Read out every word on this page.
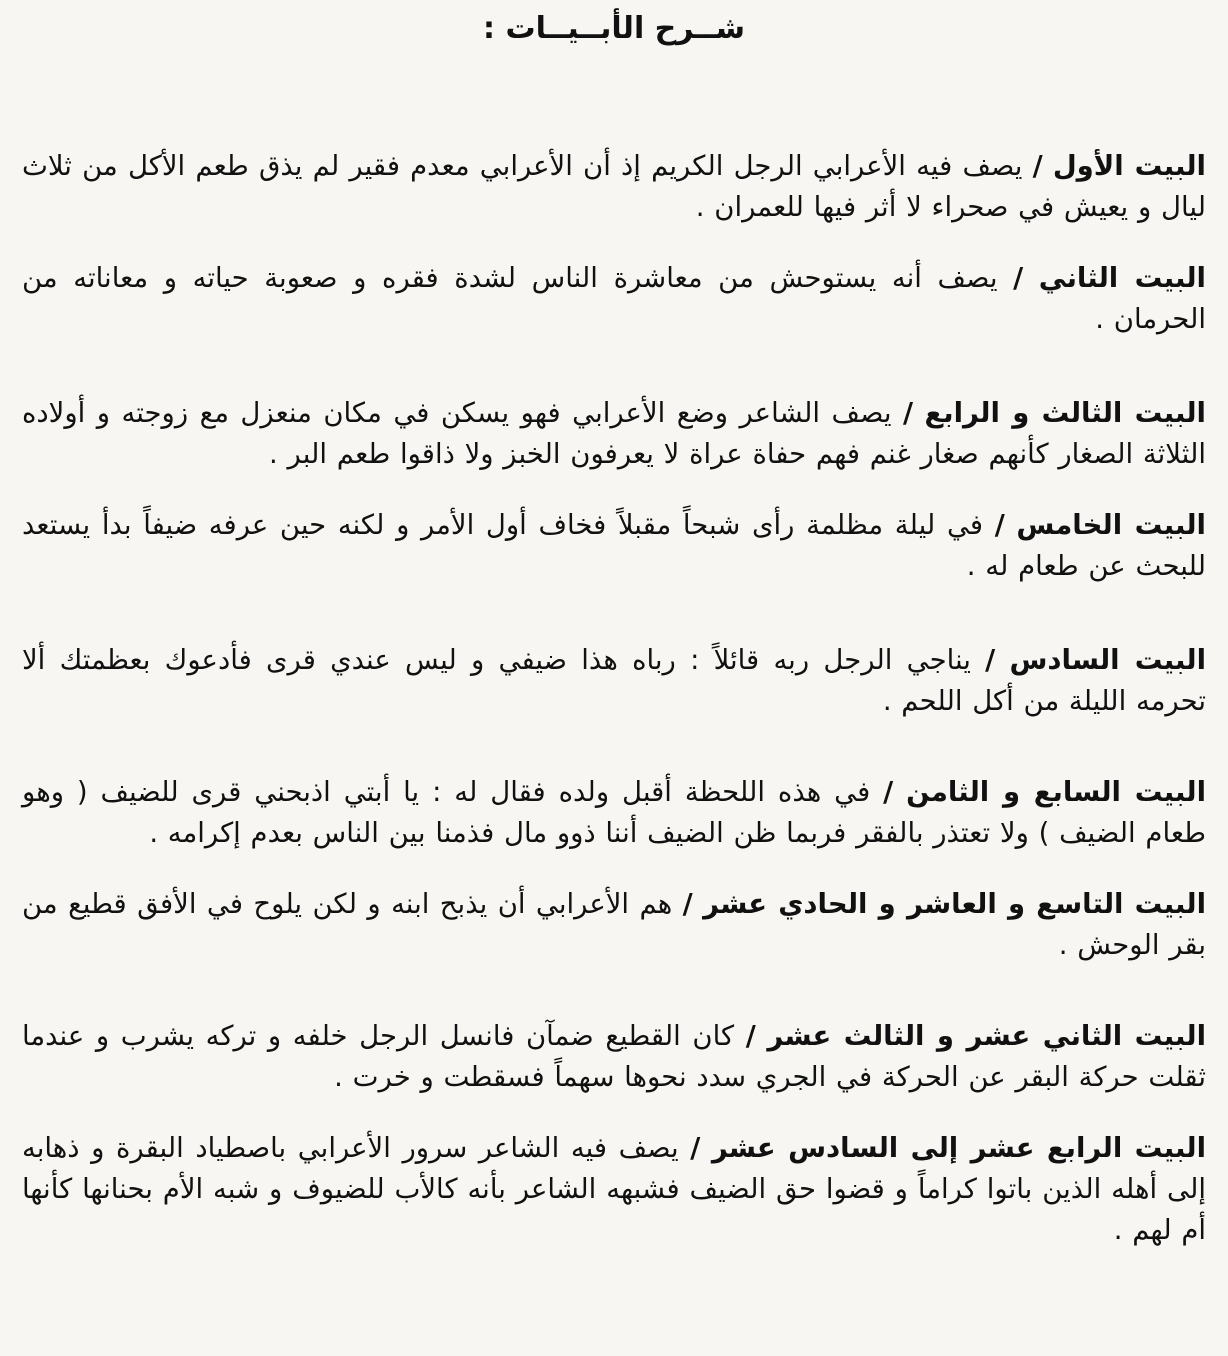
شــرح الأبــيــات :

البيت الأول / يصف فيه الأعرابي الرجل الكريم إذ أن الأعرابي معدم فقير لم يذق طعم الأكل من ثلاث ليال و يعيش في صحراء لا أثر فيها للعمران .

البيت الثاني / يصف أنه يستوحش من معاشرة الناس لشدة فقره و صعوبة حياته و معاناته من الحرمان .

البيت الثالث و الرابع / يصف الشاعر وضع الأعرابي فهو يسكن في مكان منعزل مع زوجته و أولاده الثلاثة الصغار كأنهم صغار غنم فهم حفاة عراة لا يعرفون الخبز ولا ذاقوا طعم البر .

البيت الخامس / في ليلة مظلمة رأى شبحاً مقبلاً فخاف أول الأمر و لكنه حين عرفه ضيفاً بدأ يستعد للبحث عن طعام له .

البيت السادس / يناجي الرجل ربه قائلاً : رباه هذا ضيفي و ليس عندي قرى فأدعوك بعظمتك ألا تحرمه الليلة من أكل اللحم .

البيت السابع و الثامن / في هذه اللحظة أقبل ولده فقال له : يا أبتي اذبحني قرى للضيف ( وهو طعام الضيف ) ولا تعتذر بالفقر فربما ظن الضيف أننا ذوو مال فذمنا بين الناس بعدم إكرامه .

البيت التاسع و العاشر و الحادي عشر / هم الأعرابي أن يذبح ابنه و لكن يلوح في الأفق قطيع من بقر الوحش .

البيت الثاني عشر و الثالث عشر / كان القطيع ضمآن فانسل الرجل خلفه و تركه يشرب و عندما ثقلت حركة البقر عن الحركة في الجري سدد نحوها سهماً فسقطت و خرت .

البيت الرابع عشر إلى السادس عشر / يصف فيه الشاعر سرور الأعرابي باصطياد البقرة و ذهابه إلى أهله الذين باتوا كراماً و قضوا حق الضيف فشبهه الشاعر بأنه كالأب للضيوف و شبه الأم بحنانها كأنها أم لهم .
